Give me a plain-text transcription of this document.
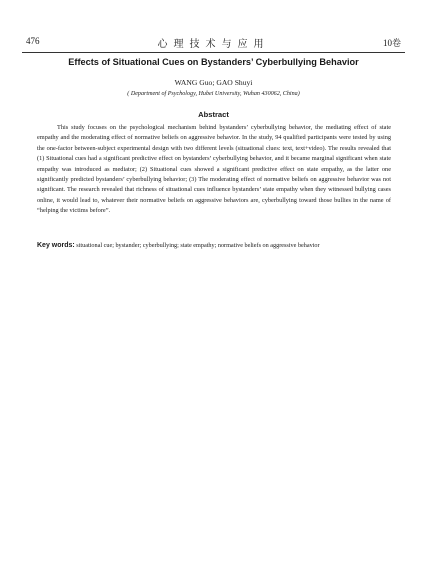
476	心理技术与应用	10卷
Effects of Situational Cues on Bystanders’ Cyberbullying Behavior
WANG Guo; GAO Shuyi
( Department of Psychology, Hubei University, Wuhan 430062, China)
Abstract

This study focuses on the psychological mechanism behind bystanders’ cyberbullying behavior, the mediating effect of state empathy and the moderating effect of normative beliefs on aggressive behavior. In the study, 94 qualified participants were tested by using the one-factor between-subject experimental design with two different levels (situational clues: text, text+video). The results revealed that (1) Situational cues had a significant predictive effect on bystanders’ cyberbullying behavior, and it became marginal significant when state empathy was introduced as mediator; (2) Situational cues showed a significant predictive effect on state empathy, as the latter one significantly predicted bystanders’ cyberbullying behavior; (3) The moderating effect of normative beliefs on aggressive behavior was not significant. The research revealed that richness of situational cues influence bystanders’ state empathy when they witnessed bullying cases online, it would lead to, whatever their normative beliefs on aggressive behaviors are, cyberbullying toward those bullies in the name of “helping the victims before”.

Key words: situational cue; bystander; cyberbullying; state empathy; normative beliefs on aggressive behavior
